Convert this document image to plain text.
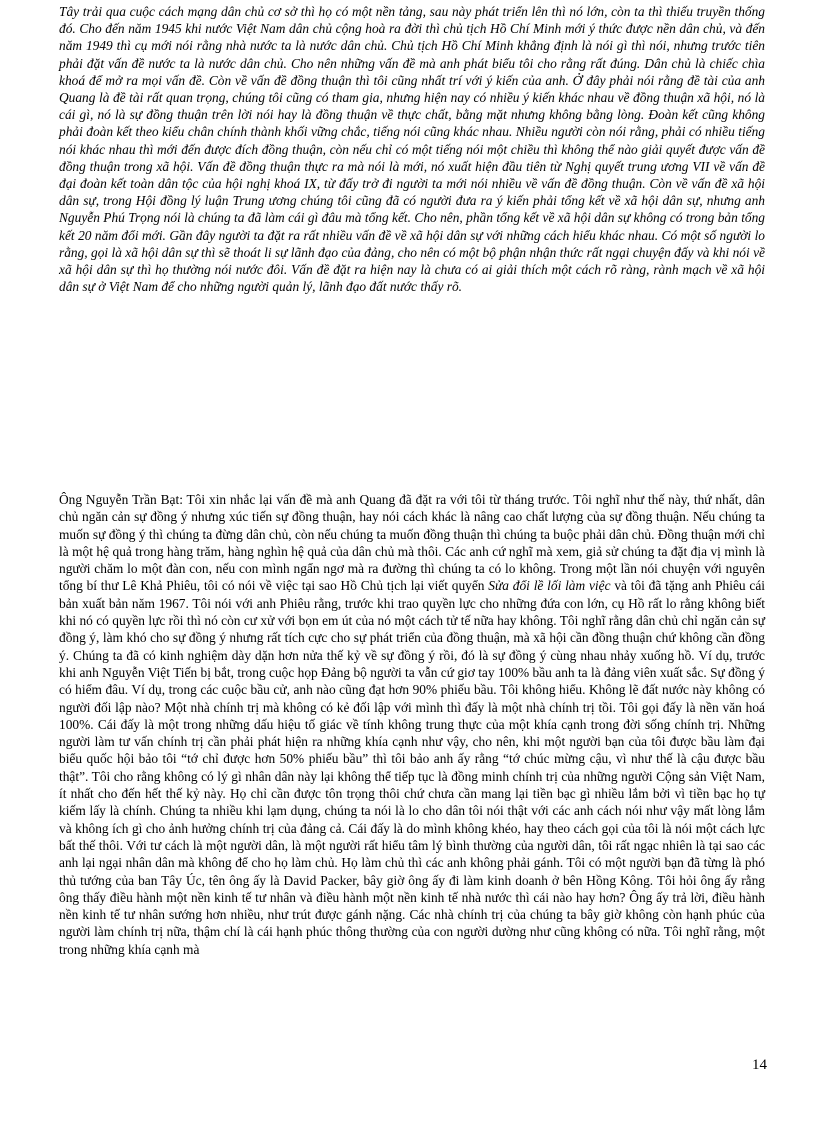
Tây trải qua cuộc cách mạng dân chủ cơ sở thì họ có một nền tảng, sau này phát triển lên thì nó lớn, còn ta thì thiếu truyền thống đó. Cho đến năm 1945 khi nước Việt Nam dân chủ cộng hoà ra đời thì chủ tịch Hồ Chí Minh mới ý thức được nền dân chủ, và đến năm 1949 thì cụ mới nói rằng nhà nước ta là nước dân chủ. Chủ tịch Hồ Chí Minh khẳng định là nói gì thì nói, nhưng trước tiên phải đặt vấn đề nước ta là nước dân chủ. Cho nên những vấn đề mà anh phát biểu tôi cho rằng rất đúng. Dân chủ là chiếc chìa khoá để mở ra mọi vấn đề. Còn về vấn đề đồng thuận thì tôi cũng nhất trí với ý kiến của anh. Ở đây phải nói rằng đề tài của anh Quang là đề tài rất quan trọng, chúng tôi cũng có tham gia, nhưng hiện nay có nhiều ý kiến khác nhau về đồng thuận xã hội, nó là cái gì, nó là sự đồng thuận trên lời nói hay là đồng thuận về thực chất, bằng mặt nhưng không bằng lòng. Đoàn kết cũng không phải đoàn kết theo kiểu chân chính thành khối vững chắc, tiếng nói cũng khác nhau. Nhiều người còn nói rằng, phải có nhiều tiếng nói khác nhau thì mới đến được đích đồng thuận, còn nếu chỉ có một tiếng nói một chiều thì không thể nào giải quyết được vấn đề đồng thuận trong xã hội. Vấn đề đồng thuận thực ra mà nói là mới, nó xuất hiện đầu tiên từ Nghị quyết trung ương VII về vấn đề đại đoàn kết toàn dân tộc của hội nghị khoá IX, từ đấy trở đi người ta mới nói nhiều về vấn đề đồng thuận. Còn về vấn đề xã hội dân sự, trong Hội đồng lý luận Trung ương chúng tôi cũng đã có người đưa ra ý kiến phải tổng kết về xã hội dân sự, nhưng anh Nguyễn Phú Trọng nói là chúng ta đã làm cái gì đâu mà tổng kết. Cho nên, phần tổng kết về xã hội dân sự không có trong bản tổng kết 20 năm đổi mới. Gần đây người ta đặt ra rất nhiều vấn đề về xã hội dân sự với những cách hiểu khác nhau. Có một số người lo rằng, gọi là xã hội dân sự thì sẽ thoát li sự lãnh đạo của đảng, cho nên có một bộ phận nhận thức rất ngại chuyện đấy và khi nói về xã hội dân sự thì họ thường nói nước đôi. Vấn đề đặt ra hiện nay là chưa có ai giải thích một cách rõ ràng, rành mạch về xã hội dân sự ở Việt Nam để cho những người quản lý, lãnh đạo đất nước thấy rõ.

Ông Nguyễn Trần Bạt: Tôi xin nhắc lại vấn đề mà anh Quang đã đặt ra với tôi từ tháng trước. Tôi nghĩ như thế này, thứ nhất, dân chủ ngăn cản sự đồng ý nhưng xúc tiến sự đồng thuận, hay nói cách khác là nâng cao chất lượng của sự đồng thuận. Nếu chúng ta muốn sự đồng ý thì chúng ta đừng dân chủ, còn nếu chúng ta muốn đồng thuận thì chúng ta buộc phải dân chủ. Đồng thuận mới chỉ là một hệ quả trong hàng trăm, hàng nghìn hệ quả của dân chủ mà thôi. Các anh cứ nghĩ mà xem, giả sử chúng ta đặt địa vị mình là người chăm lo một đàn con, nếu con mình ngẩn ngơ mà ra đường thì chúng ta có lo không. Trong một lần nói chuyện với nguyên tổng bí thư Lê Khả Phiêu, tôi có nói về việc tại sao Hồ Chủ tịch lại viết quyển Sửa đổi lề lối làm việc và tôi đã tặng anh Phiêu cái bản xuất bản năm 1967. Tôi nói với anh Phiêu rằng, trước khi trao quyền lực cho những đứa con lớn, cụ Hồ rất lo rằng không biết khi nó có quyền lực rồi thì nó còn cư xử với bọn em út của nó một cách tử tế nữa hay không. Tôi nghĩ rằng dân chủ chỉ ngăn cản sự đồng ý, làm khó cho sự đồng ý nhưng rất tích cực cho sự phát triển của đồng thuận, mà xã hội cần đồng thuận chứ không cần đồng ý. Chúng ta đã có kinh nghiệm dày dặn hơn nửa thế kỷ về sự đồng ý rồi, đó là sự đồng ý cùng nhau nhảy xuống hồ. Ví dụ, trước khi anh Nguyễn Việt Tiến bị bắt, trong cuộc họp Đảng bộ người ta vẫn cứ giơ tay 100% bầu anh ta là đảng viên xuất sắc. Sự đồng ý có hiểm đâu. Ví dụ, trong các cuộc bầu cử, anh nào cũng đạt hơn 90% phiếu bầu. Tôi không hiểu. Không lẽ đất nước này không có người đối lập nào? Một nhà chính trị mà không có kẻ đối lập với mình thì đấy là một nhà chính trị tồi. Tôi gọi đấy là nền văn hoá 100%. Cái đấy là một trong những dấu hiệu tố giác về tính không trung thực của một khía cạnh trong đời sống chính trị. Những người làm tư vấn chính trị cần phải phát hiện ra những khía cạnh như vậy, cho nên, khi một người bạn của tôi được bầu làm đại biểu quốc hội bảo tôi “tớ chỉ được hơn 50% phiếu bầu” thì tôi bảo anh ấy rằng “tớ chúc mừng cậu, vì như thế là cậu được bầu thật”. Tôi cho rằng không có lý gì nhân dân này lại không thể tiếp tục là đồng minh chính trị của những người Cộng sản Việt Nam, ít nhất cho đến hết thế kỷ này. Họ chỉ cần được tôn trọng thôi chứ chưa cần mang lại tiền bạc gì nhiều lắm bởi vì tiền bạc họ tự kiếm lấy là chính. Chúng ta nhiều khi lạm dụng, chúng ta nói là lo cho dân tôi nói thật với các anh cách nói như vậy mất lòng lắm và không ích gì cho ảnh hưởng chính trị của đảng cả. Cái đấy là do mình không khéo, hay theo cách gọi của tôi là nói một cách lực bất thế thôi. Với tư cách là một người dân, là một người rất hiểu tâm lý bình thường của người dân, tôi rất ngạc nhiên là tại sao các anh lại ngại nhân dân mà không để cho họ làm chủ. Họ làm chủ thì các anh không phải gánh. Tôi có một người bạn đã từng là phó thủ tướng của ban Tây Úc, tên ông ấy là David Packer, bây giờ ông ấy đi làm kinh doanh ở bên Hồng Kông. Tôi hỏi ông ấy rằng ông thấy điều hành một nền kinh tế tư nhân và điều hành một nền kinh tế nhà nước thì cái nào hay hơn? Ông ấy trả lời, điều hành nền kinh tế tư nhân sướng hơn nhiều, như trút được gánh nặng. Các nhà chính trị của chúng ta bây giờ không còn hạnh phúc của người làm chính trị nữa, thậm chí là cái hạnh phúc thông thường của con người dường như cũng không có nữa. Tôi nghĩ rằng, một trong những khía cạnh mà

14
